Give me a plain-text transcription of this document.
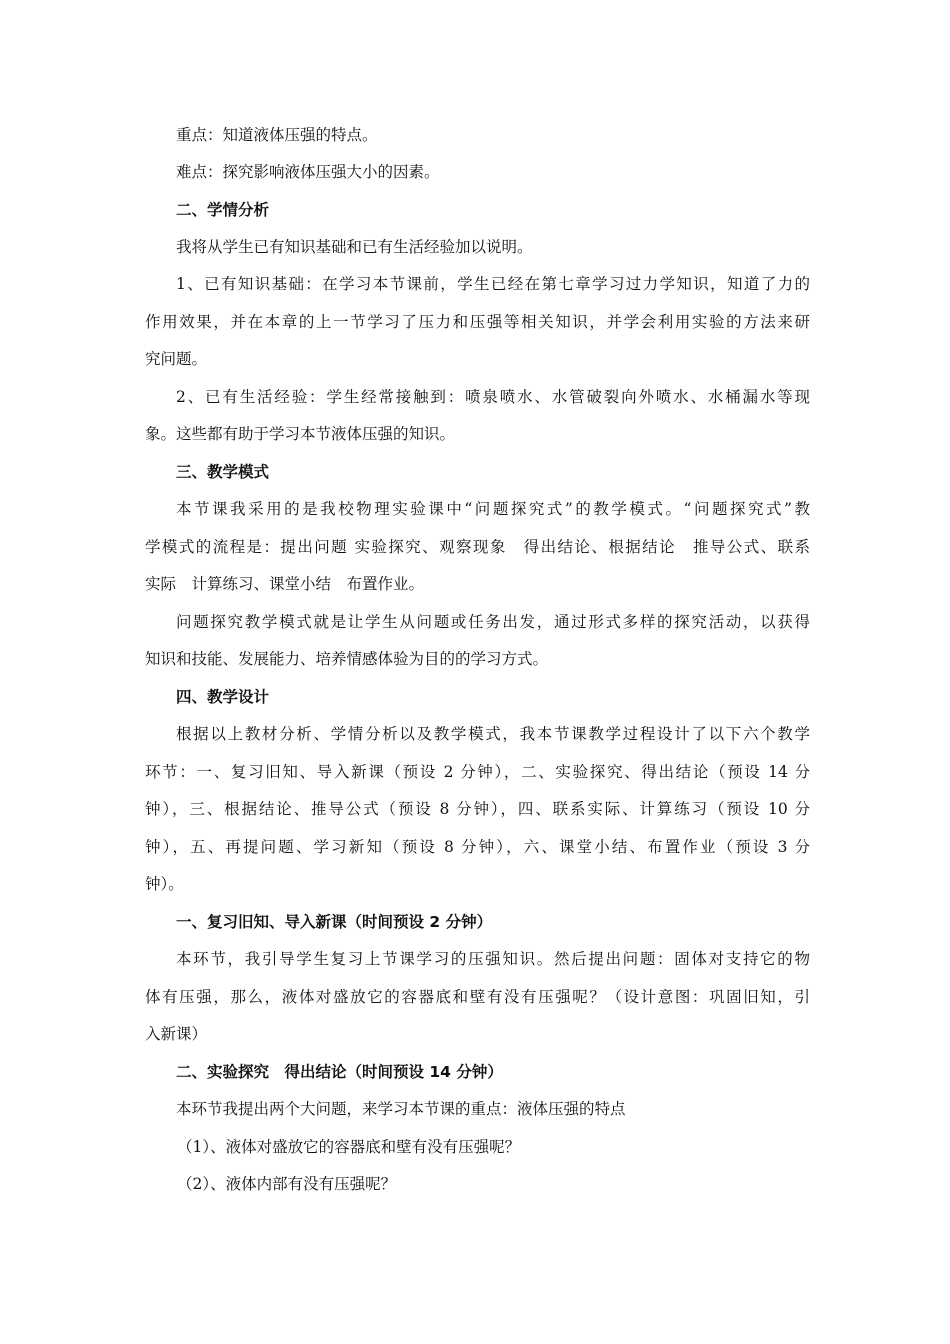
重点：知道液体压强的特点。
难点：探究影响液体压强大小的因素。
二、学情分析
我将从学生已有知识基础和已有生活经验加以说明。
1、已有知识基础：在学习本节课前，学生已经在第七章学习过力学知识，知道了力的
作用效果，并在本章的上一节学习了压力和压强等相关知识，并学会利用实验的方法来研
究问题。
2、已有生活经验：学生经常接触到：喷泉喷水、水管破裂向外喷水、水桶漏水等现
象。这些都有助于学习本节液体压强的知识。
三、教学模式
本节课我采用的是我校物理实验课中“问题探究式”的教学模式。“问题探究式”教
学模式的流程是：提出问题 实验探究、观察现象　得出结论、根据结论　推导公式、联系
实际　计算练习、课堂小结　布置作业。
问题探究教学模式就是让学生从问题或任务出发，通过形式多样的探究活动，以获得
知识和技能、发展能力、培养情感体验为目的的学习方式。
四、教学设计
根据以上教材分析、学情分析以及教学模式，我本节课教学过程设计了以下六个教学
环节：一、复习旧知、导入新课（预设 2 分钟），二、实验探究、得出结论（预设 14 分
钟），三、根据结论、推导公式（预设 8 分钟），四、联系实际、计算练习（预设 10 分
钟），五、再提问题、学习新知（预设 8 分钟），六、课堂小结、布置作业（预设 3 分
钟）。
一、复习旧知、导入新课（时间预设 2 分钟）
本环节，我引导学生复习上节课学习的压强知识。然后提出问题：固体对支持它的物
体有压强，那么，液体对盛放它的容器底和壁有没有压强呢？（设计意图：巩固旧知，引
入新课）
二、实验探究　得出结论（时间预设 14 分钟）
本环节我提出两个大问题，来学习本节课的重点：液体压强的特点
（1）、液体对盛放它的容器底和壁有没有压强呢？
（2）、液体内部有没有压强呢？
